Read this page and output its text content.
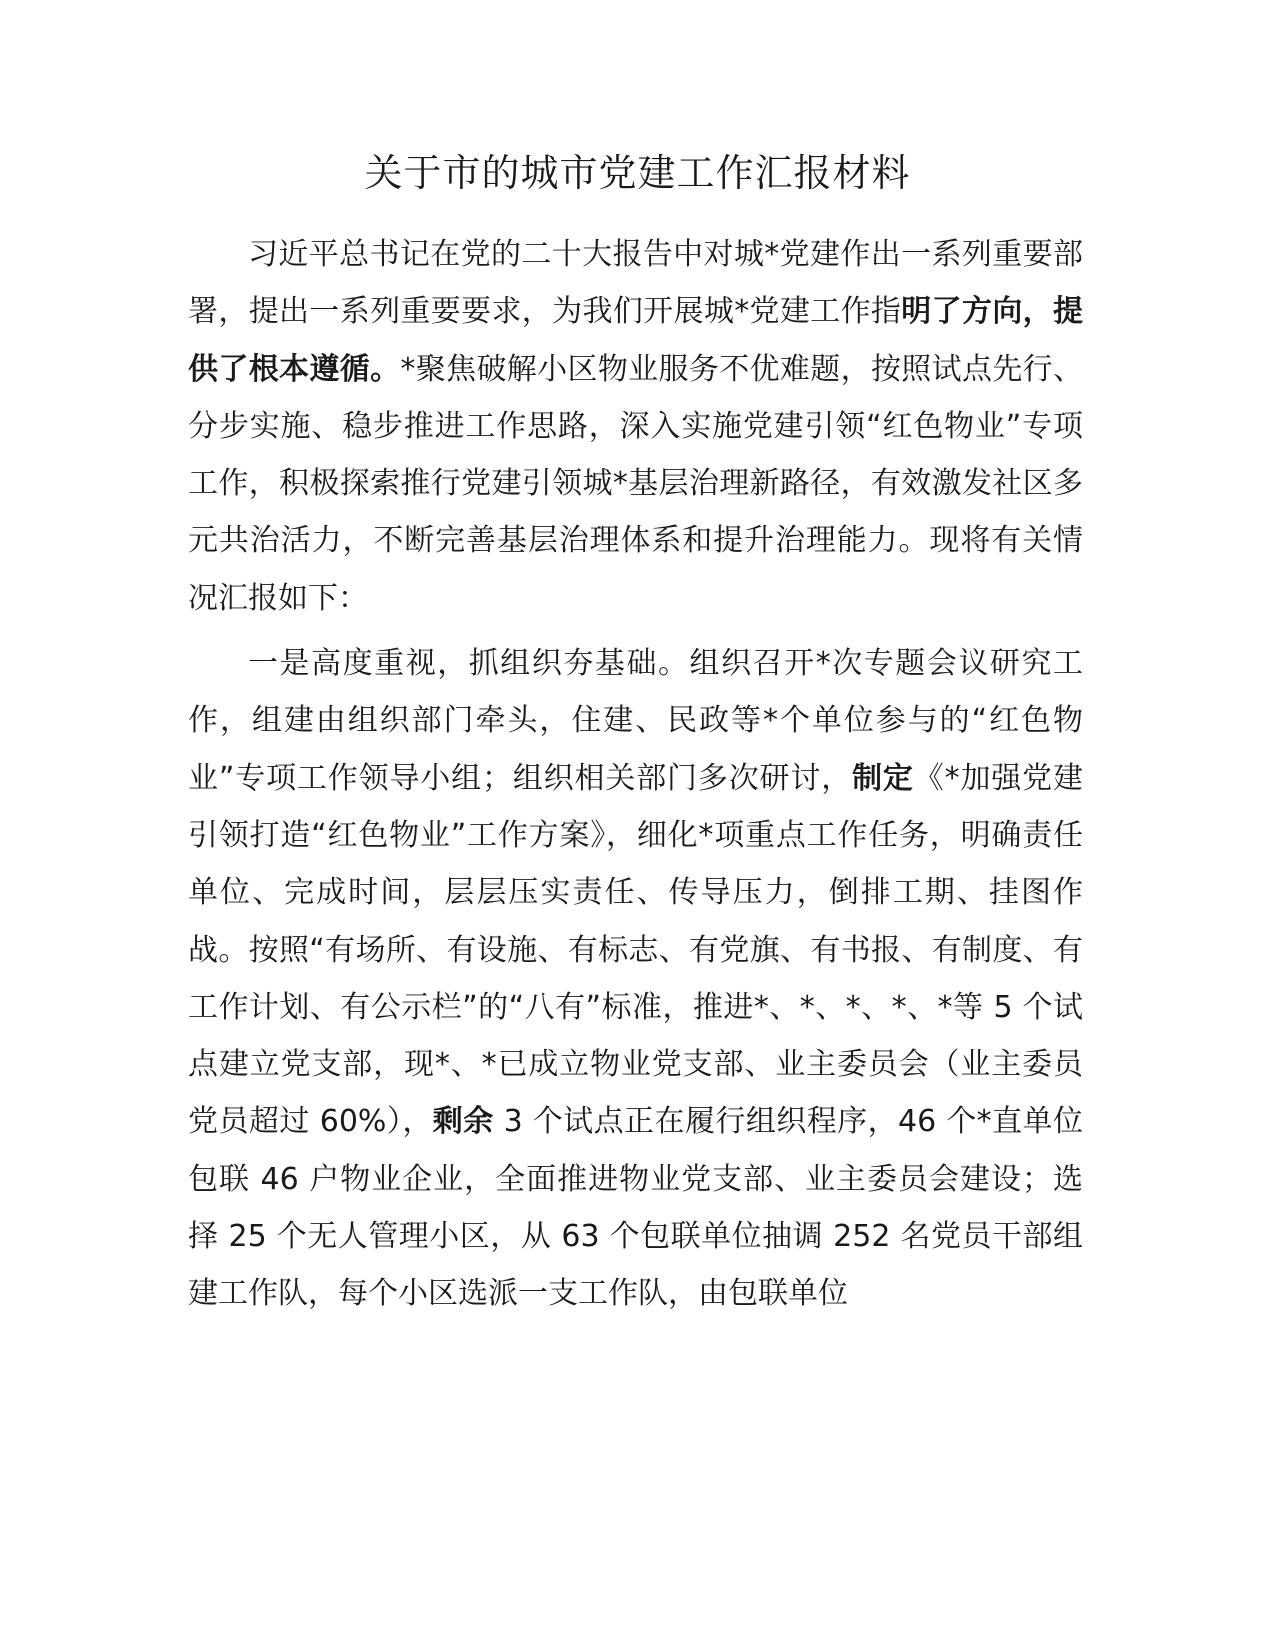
关于市的城市党建工作汇报材料

习近平总书记在党的二十大报告中对城*党建作出一系列重要部署，提出一系列重要要求，为我们开展城*党建工作指明了方向，提供了根本遵循。*聚焦破解小区物业服务不优难题，按照试点先行、分步实施、稳步推进工作思路，深入实施党建引领“红色物业”专项工作，积极探索推行党建引领城*基层治理新路径，有效激发社区多元共治活力，不断完善基层治理体系和提升治理能力。现将有关情况汇报如下：

一是高度重视，抓组织夯基础。组织召开*次专题会议研究工作，组建由组织部门牵头，住建、民政等*个单位参与的“红色物业”专项工作领导小组；组织相关部门多次研讨，制定《*加强党建引领打造“红色物业”工作方案》，细化*项重点工作任务，明确责任单位、完成时间，层层压实责任、传导压力，倒排工期、挂图作战。按照“有场所、有设施、有标志、有党旗、有书报、有制度、有工作计划、有公示栏”的“八有”标准，推进*、*、*、*、*等 5 个试点建立党支部，现*、*已成立物业党支部、业主委员会（业主委员党员超过 60%），剩余 3 个试点正在履行组织程序，46 个*直单位包联 46 户物业企业，全面推进物业党支部、业主委员会建设；选择 25 个无人管理小区，从 63 个包联单位抽调 252 名党员干部组建工作队，每个小区选派一支工作队，由包联单位
